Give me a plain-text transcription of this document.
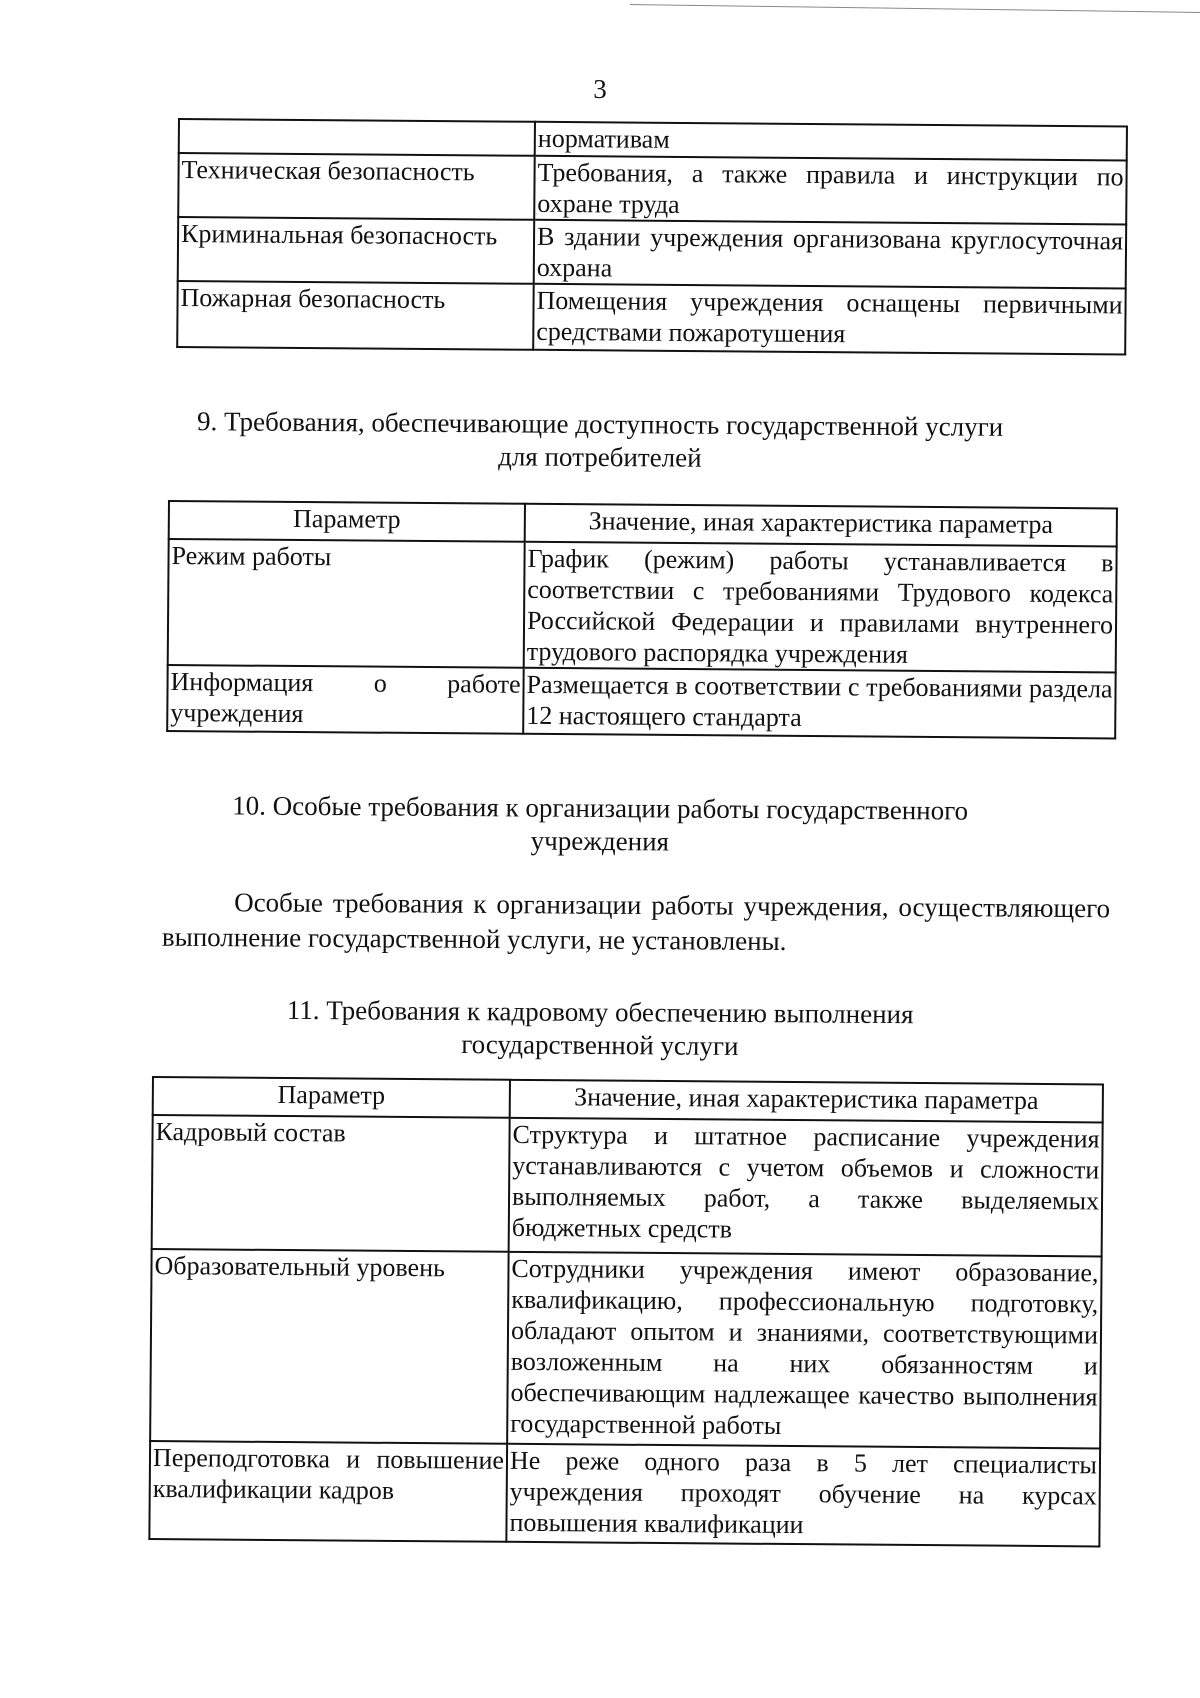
3
	нормативам
Техническая безопасность	Требования, а также правила и инструкции по охране труда
Криминальная безопасность	В здании учреждения организована круглосуточная охрана
Пожарная безопасность	Помещения учреждения оснащены первичными средствами пожаротушения
9. Требования, обеспечивающие доступность государственной услуги
для потребителей
Параметр	Значение, иная характеристика параметра
Режим работы	График (режим) работы устанавливается в соответствии с требованиями Трудового кодекса Российской Федерации и правилами внутреннего трудового распорядка учреждения
Информация о работе учреждения	Размещается в соответствии с требованиями раздела 12 настоящего стандарта
10. Особые требования к организации работы государственного
учреждения
Особые требования к организации работы учреждения, осуществляющего выполнение государственной услуги, не установлены.
11. Требования к кадровому обеспечению выполнения
государственной услуги
Параметр	Значение, иная характеристика параметра
Кадровый состав	Структура и штатное расписание учреждения устанавливаются с учетом объемов и сложности выполняемых работ, а также выделяемых бюджетных средств
Образовательный уровень	Сотрудники учреждения имеют образование, квалификацию, профессиональную подготовку, обладают опытом и знаниями, соответствующими возложенным на них обязанностям и обеспечивающим надлежащее качество выполнения государственной работы
Переподготовка и повышение квалификации кадров	Не реже одного раза в 5 лет специалисты учреждения проходят обучение на курсах повышения квалификации
